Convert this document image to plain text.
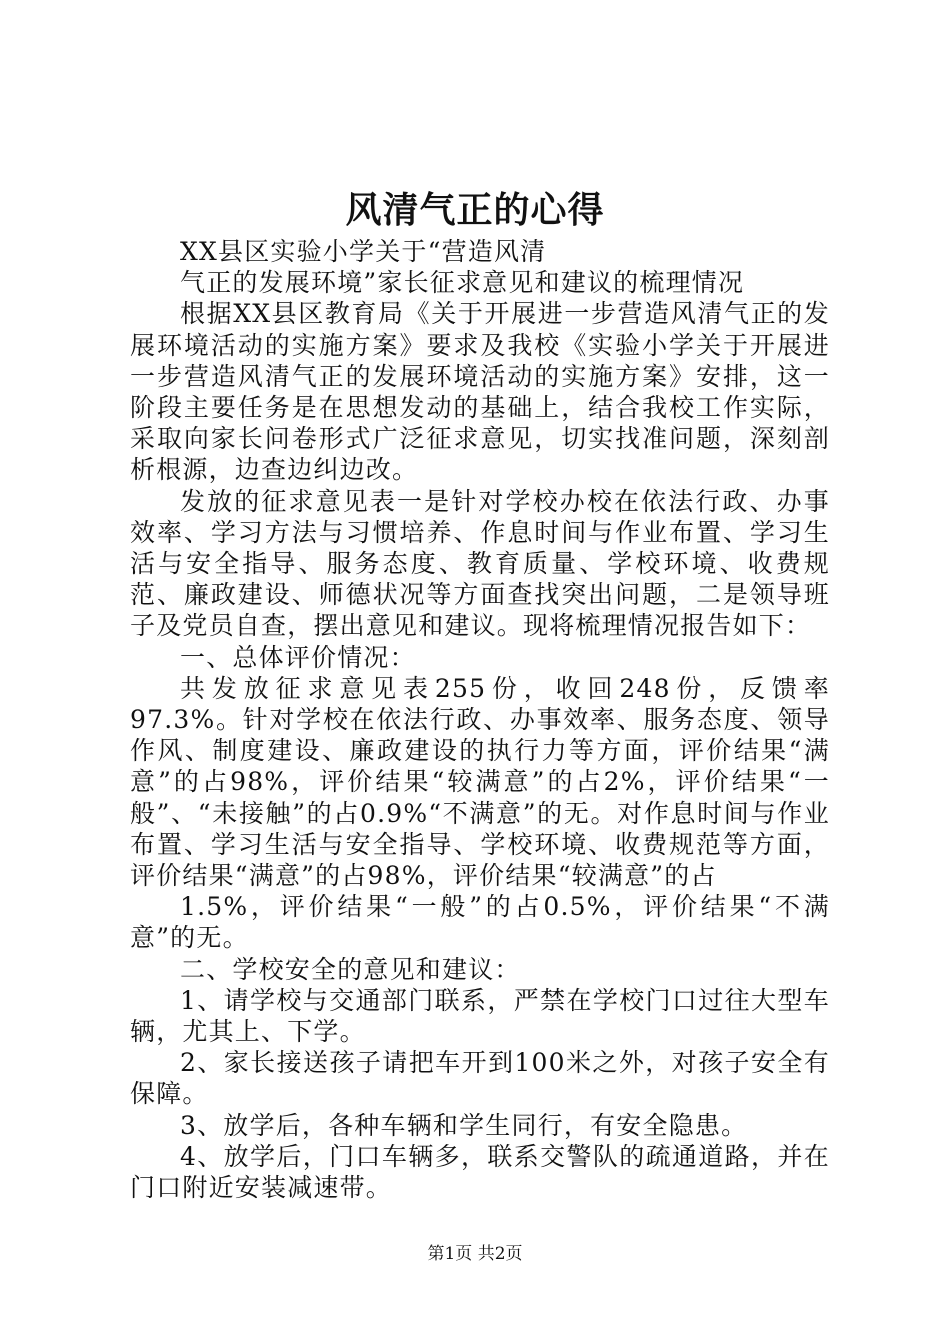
风清气正的心得

XX县区实验小学关于“营造风清

气正的发展环境”家长征求意见和建议的梳理情况

根据XX县区教育局《关于开展进一步营造风清气正的发展环境活动的实施方案》要求及我校《实验小学关于开展进一步营造风清气正的发展环境活动的实施方案》安排，这一阶段主要任务是在思想发动的基础上，结合我校工作实际，采取向家长问卷形式广泛征求意见，切实找准问题，深刻剖析根源，边查边纠边改。

发放的征求意见表一是针对学校办校在依法行政、办事效率、学习方法与习惯培养、作息时间与作业布置、学习生活与安全指导、服务态度、教育质量、学校环境、收费规范、廉政建设、师德状况等方面查找突出问题，二是领导班子及党员自查，摆出意见和建议。现将梳理情况报告如下：

一、总体评价情况：

共发放征求意见表255份，收回248份，反馈率97.3%。针对学校在依法行政、办事效率、服务态度、领导作风、制度建设、廉政建设的执行力等方面，评价结果“满意”的占98%，评价结果“较满意”的占2%，评价结果“一般”、“未接触”的占0.9%“不满意”的无。对作息时间与作业布置、学习生活与安全指导、学校环境、收费规范等方面，评价结果“满意”的占98%，评价结果“较满意”的占

1.5%，评价结果“一般”的占0.5%，评价结果“不满意”的无。

二、学校安全的意见和建议：

1、请学校与交通部门联系，严禁在学校门口过往大型车辆，尤其上、下学。

2、家长接送孩子请把车开到100米之外，对孩子安全有保障。

3、放学后，各种车辆和学生同行，有安全隐患。

4、放学后，门口车辆多，联系交警队的疏通道路，并在门口附近安装减速带。

第1页 共2页
